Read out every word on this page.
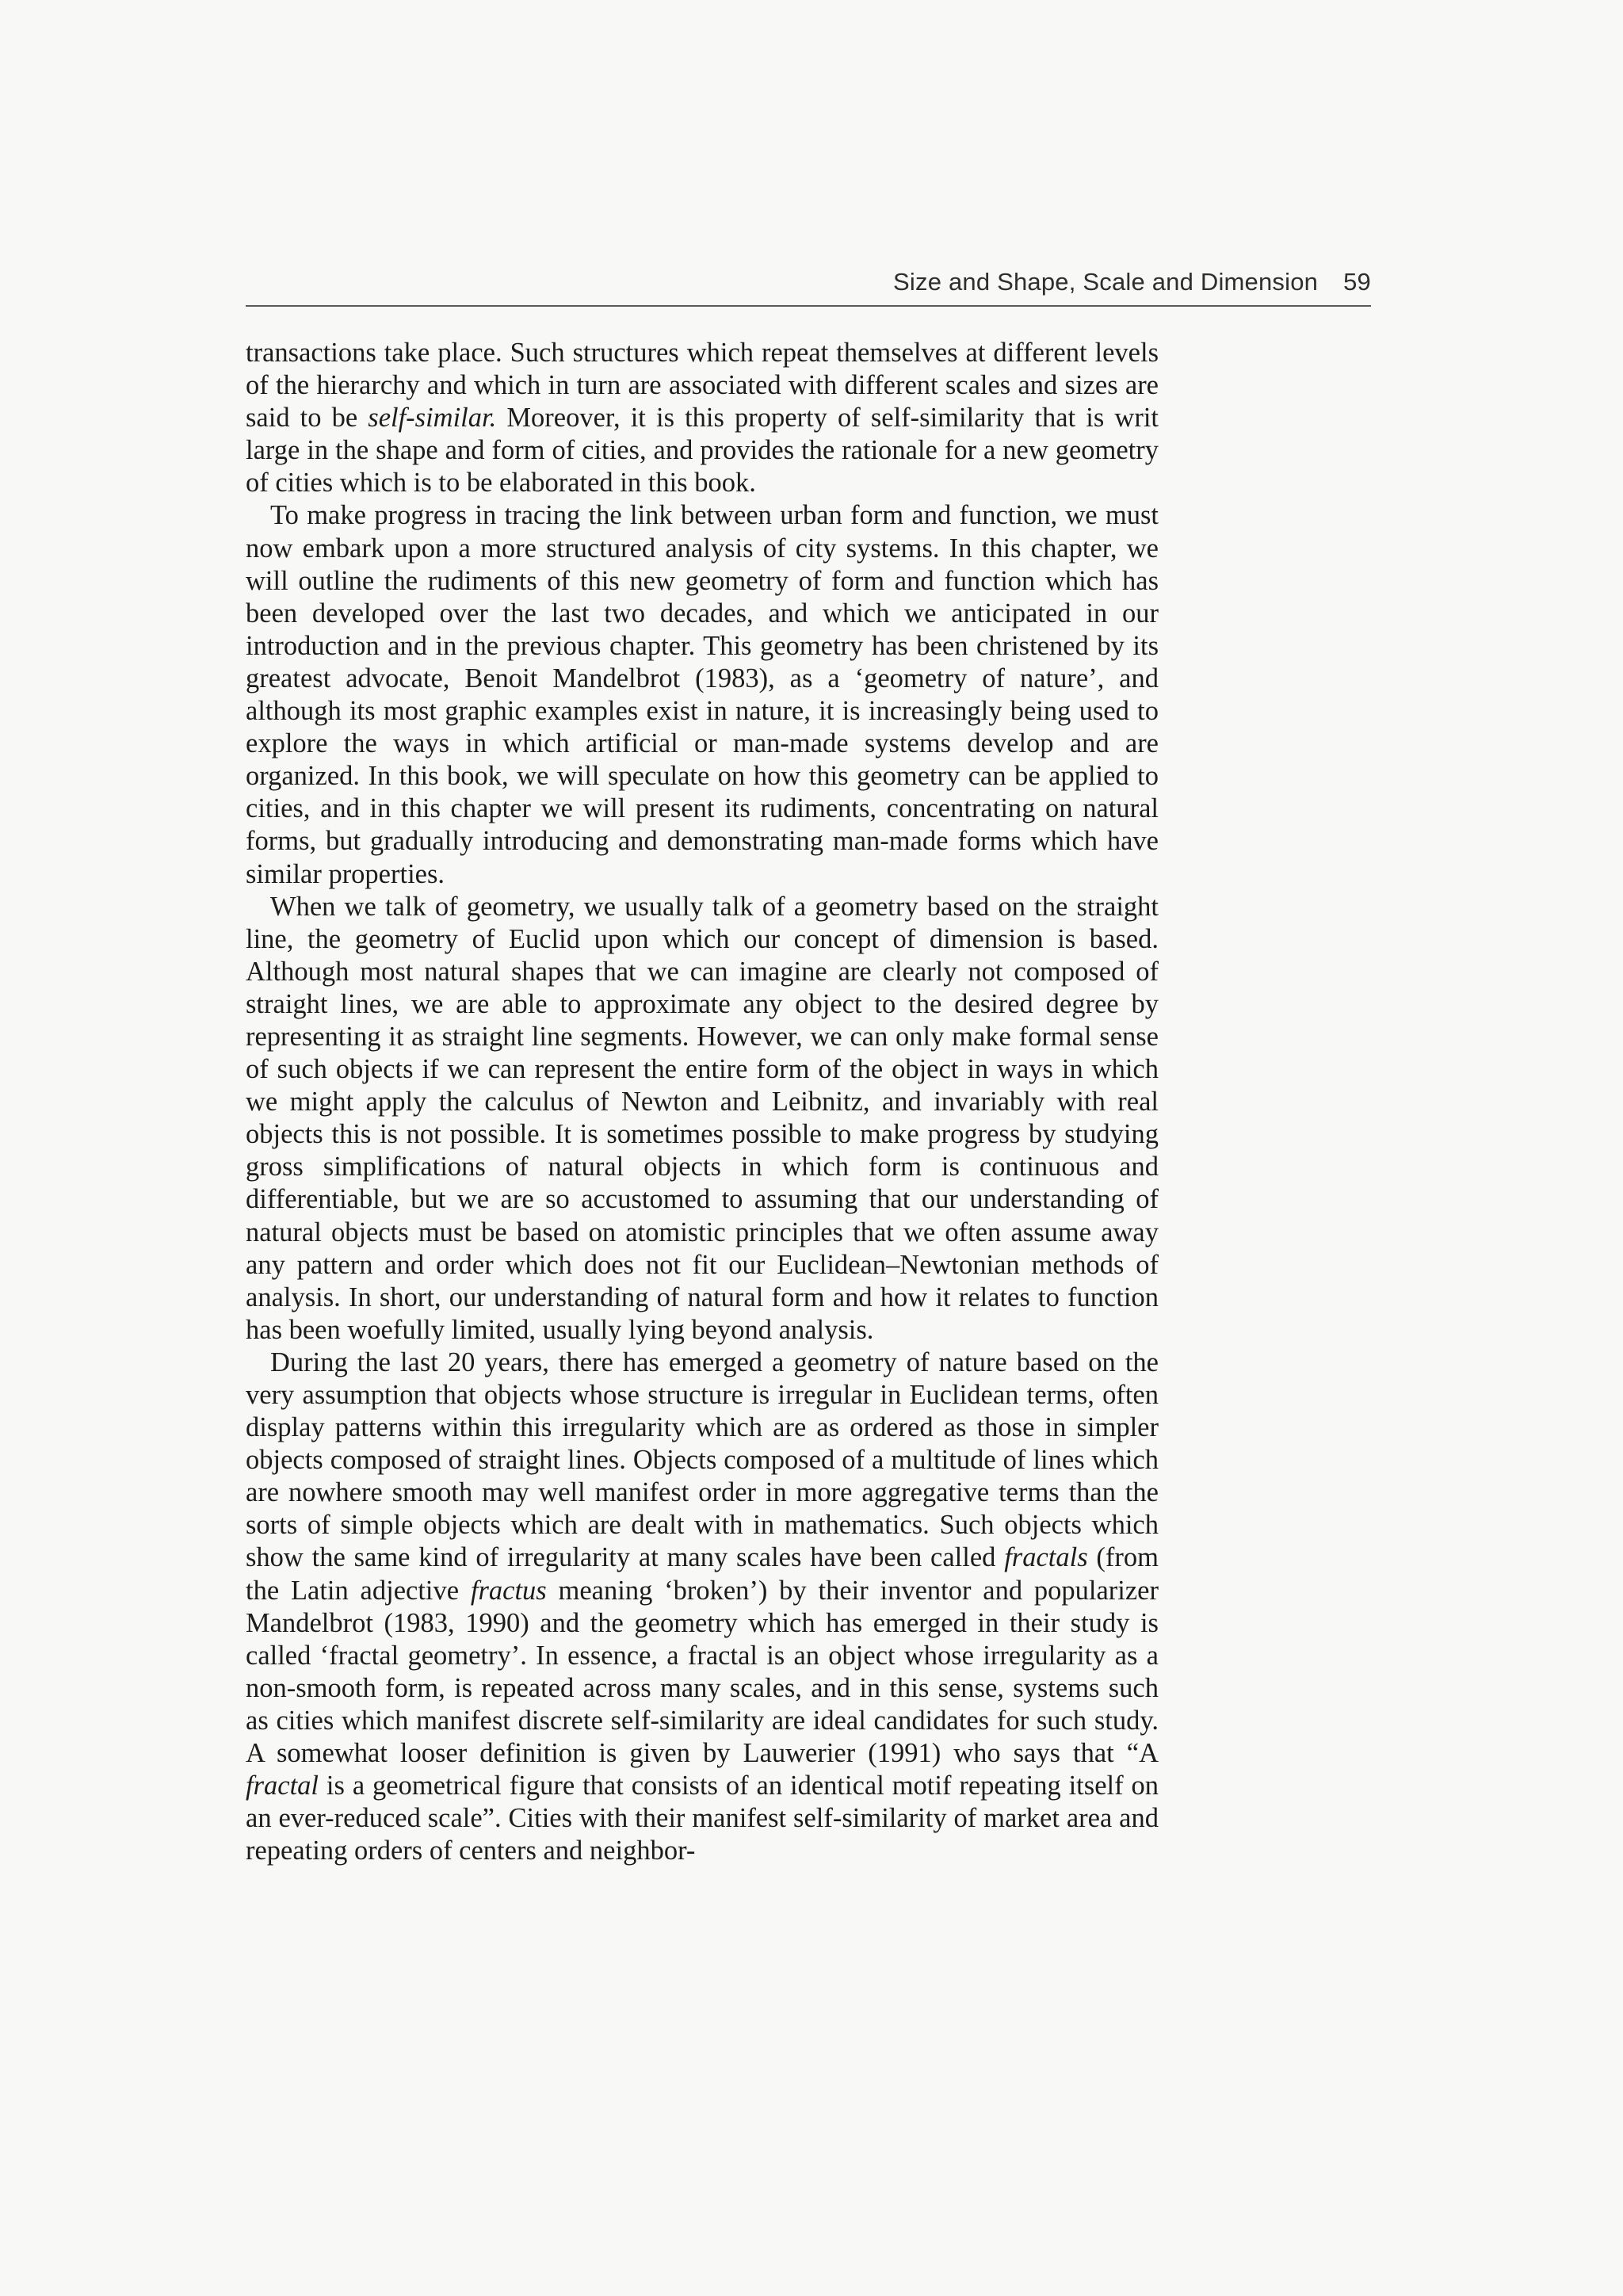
Size and Shape, Scale and Dimension 59

transactions take place. Such structures which repeat themselves at different levels of the hierarchy and which in turn are associated with different scales and sizes are said to be self-similar. Moreover, it is this property of self-similarity that is writ large in the shape and form of cities, and provides the rationale for a new geometry of cities which is to be elaborated in this book.

To make progress in tracing the link between urban form and function, we must now embark upon a more structured analysis of city systems. In this chapter, we will outline the rudiments of this new geometry of form and function which has been developed over the last two decades, and which we anticipated in our introduction and in the previous chapter. This geometry has been christened by its greatest advocate, Benoit Mandelbrot (1983), as a ‘geometry of nature’, and although its most graphic examples exist in nature, it is increasingly being used to explore the ways in which artificial or man-made systems develop and are organized. In this book, we will speculate on how this geometry can be applied to cities, and in this chapter we will present its rudiments, concentrating on natural forms, but gradually introducing and demonstrating man-made forms which have similar properties.

When we talk of geometry, we usually talk of a geometry based on the straight line, the geometry of Euclid upon which our concept of dimension is based. Although most natural shapes that we can imagine are clearly not composed of straight lines, we are able to approximate any object to the desired degree by representing it as straight line segments. However, we can only make formal sense of such objects if we can represent the entire form of the object in ways in which we might apply the calculus of Newton and Leibnitz, and invariably with real objects this is not possible. It is sometimes possible to make progress by studying gross simplifications of natural objects in which form is continuous and differentiable, but we are so accustomed to assuming that our understanding of natural objects must be based on atomistic principles that we often assume away any pattern and order which does not fit our Euclidean–Newtonian methods of analysis. In short, our understanding of natural form and how it relates to function has been woefully limited, usually lying beyond analysis.

During the last 20 years, there has emerged a geometry of nature based on the very assumption that objects whose structure is irregular in Euclidean terms, often display patterns within this irregularity which are as ordered as those in simpler objects composed of straight lines. Objects composed of a multitude of lines which are nowhere smooth may well manifest order in more aggregative terms than the sorts of simple objects which are dealt with in mathematics. Such objects which show the same kind of irregularity at many scales have been called fractals (from the Latin adjective fractus meaning ‘broken’) by their inventor and popularizer Mandelbrot (1983, 1990) and the geometry which has emerged in their study is called ‘fractal geometry’. In essence, a fractal is an object whose irregularity as a non-smooth form, is repeated across many scales, and in this sense, systems such as cities which manifest discrete self-similarity are ideal candidates for such study. A somewhat looser definition is given by Lauwerier (1991) who says that “A fractal is a geometrical figure that consists of an identical motif repeating itself on an ever-reduced scale”. Cities with their manifest self-similarity of market area and repeating orders of centers and neighbor-
